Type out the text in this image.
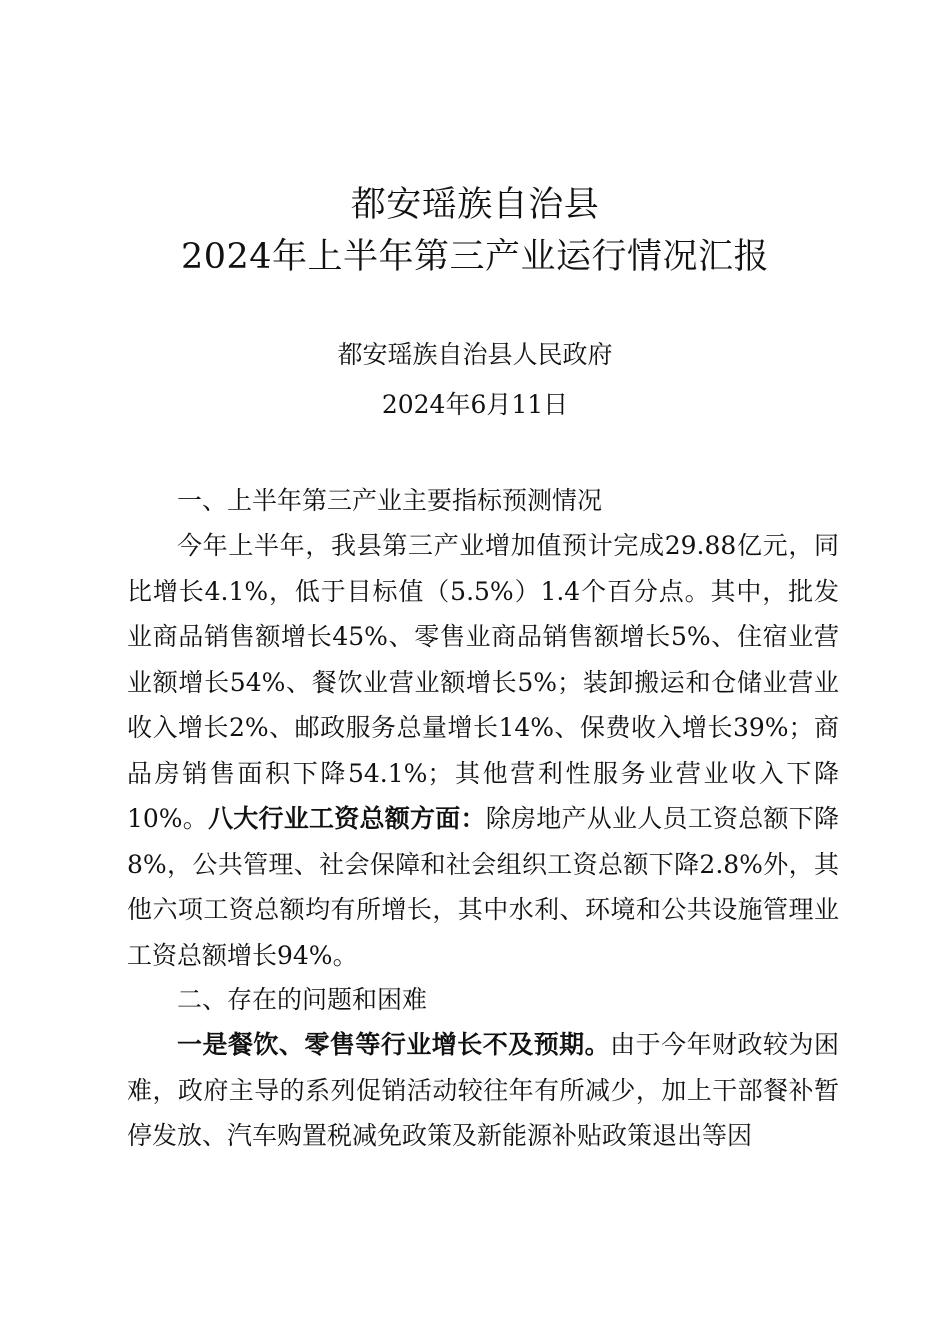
都安瑶族自治县
2024年上半年第三产业运行情况汇报
都安瑶族自治县人民政府
2024年6月11日
一、上半年第三产业主要指标预测情况
今年上半年，我县第三产业增加值预计完成29.88亿元，同比增长4.1%，低于目标值（5.5%）1.4个百分点。其中，批发业商品销售额增长45%、零售业商品销售额增长5%、住宿业营业额增长54%、餐饮业营业额增长5%；装卸搬运和仓储业营业收入增长2%、邮政服务总量增长14%、保费收入增长39%；商品房销售面积下降54.1%；其他营利性服务业营业收入下降10%。八大行业工资总额方面：除房地产从业人员工资总额下降8%，公共管理、社会保障和社会组织工资总额下降2.8%外，其他六项工资总额均有所增长，其中水利、环境和公共设施管理业工资总额增长94%。
二、存在的问题和困难
一是餐饮、零售等行业增长不及预期。由于今年财政较为困难，政府主导的系列促销活动较往年有所减少，加上干部餐补暂停发放、汽车购置税减免政策及新能源补贴政策退出等因
